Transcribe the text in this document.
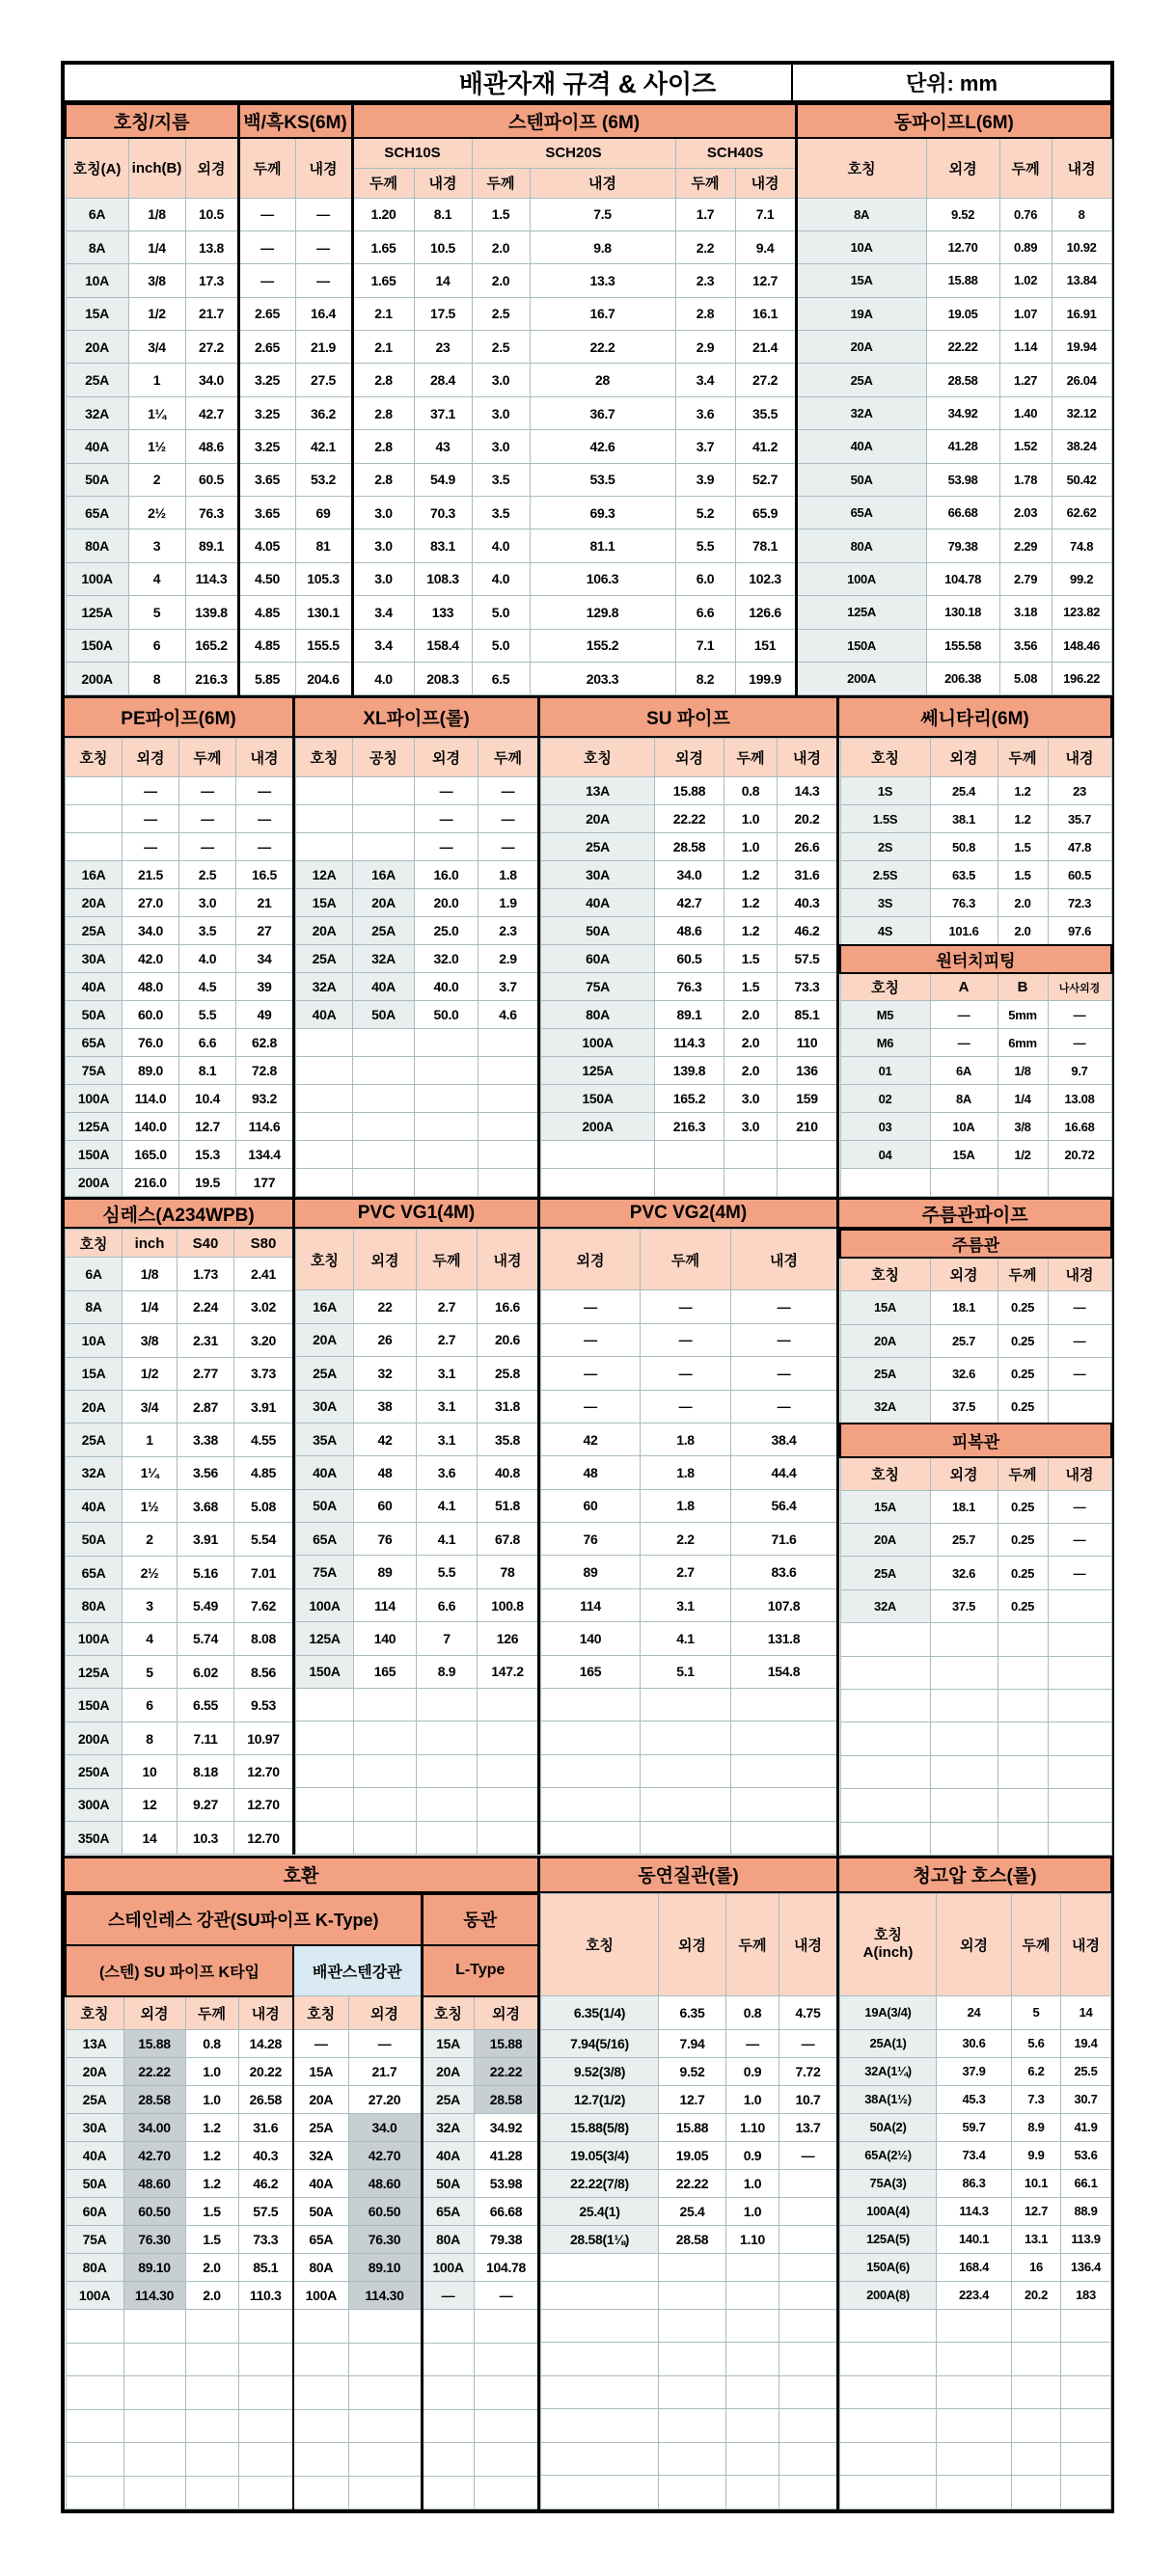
배관자재 규격 & 사이즈	단위: mm
호칭/지름			백/흑KS(6M)		스텐파이프 (6M)						동파이프L(6M)			
호칭(A)	inch(B)	외경	두께	내경	SCH10S		SCH20S		SCH40S		호칭	외경	두께	내경
					두께	내경	두께	내경	두께	내경				
6A	1/8	10.5	—	—	1.20	8.1	1.5	7.5	1.7	7.1	8A	9.52	0.76	8
8A	1/4	13.8	—	—	1.65	10.5	2.0	9.8	2.2	9.4	10A	12.70	0.89	10.92
10A	3/8	17.3	—	—	1.65	14	2.0	13.3	2.3	12.7	15A	15.88	1.02	13.84
15A	1/2	21.7	2.65	16.4	2.1	17.5	2.5	16.7	2.8	16.1	19A	19.05	1.07	16.91
20A	3/4	27.2	2.65	21.9	2.1	23	2.5	22.2	2.9	21.4	20A	22.22	1.14	19.94
25A	1	34.0	3.25	27.5	2.8	28.4	3.0	28	3.4	27.2	25A	28.58	1.27	26.04
32A	1¼	42.7	3.25	36.2	2.8	37.1	3.0	36.7	3.6	35.5	32A	34.92	1.40	32.12
40A	1½	48.6	3.25	42.1	2.8	43	3.0	42.6	3.7	41.2	40A	41.28	1.52	38.24
50A	2	60.5	3.65	53.2	2.8	54.9	3.5	53.5	3.9	52.7	50A	53.98	1.78	50.42
65A	2½	76.3	3.65	69	3.0	70.3	3.5	69.3	5.2	65.9	65A	66.68	2.03	62.62
80A	3	89.1	4.05	81	3.0	83.1	4.0	81.1	5.5	78.1	80A	79.38	2.29	74.8
100A	4	114.3	4.50	105.3	3.0	108.3	4.0	106.3	6.0	102.3	100A	104.78	2.79	99.2
125A	5	139.8	4.85	130.1	3.4	133	5.0	129.8	6.6	126.6	125A	130.18	3.18	123.82
150A	6	165.2	4.85	155.5	3.4	158.4	5.0	155.2	7.1	151	150A	155.58	3.56	148.46
200A	8	216.3	5.85	204.6	4.0	208.3	6.5	203.3	8.2	199.9	200A	206.38	5.08	196.22
PE파이프(6M)	XL파이프(롤)	SU 파이프	쎄니타리(6M)
호칭	외경	두께	내경
	—	—	—
	—	—	—
	—	—	—
16A	21.5	2.5	16.5
20A	27.0	3.0	21
25A	34.0	3.5	27
30A	42.0	4.0	34
40A	48.0	4.5	39
50A	60.0	5.5	49
65A	76.0	6.6	62.8
75A	89.0	8.1	72.8
100A	114.0	10.4	93.2
125A	140.0	12.7	114.6
150A	165.0	15.3	134.4
200A	216.0	19.5	177
호칭	공칭	외경	두께
		—	—
		—	—
		—	—
12A	16A	16.0	1.8
15A	20A	20.0	1.9
20A	25A	25.0	2.3
25A	32A	32.0	2.9
32A	40A	40.0	3.7
40A	50A	50.0	4.6

호칭	외경	두께	내경
13A	15.88	0.8	14.3
20A	22.22	1.0	20.2
25A	28.58	1.0	26.6
30A	34.0	1.2	31.6
40A	42.7	1.2	40.3
50A	48.6	1.2	46.2
60A	60.5	1.5	57.5
75A	76.3	1.5	73.3
80A	89.1	2.0	85.1
100A	114.3	2.0	110
125A	139.8	2.0	136
150A	165.2	3.0	159
200A	216.3	3.0	210

호칭	외경	두께	내경
1S	25.4	1.2	23
1.5S	38.1	1.2	35.7
2S	50.8	1.5	47.8
2.5S	63.5	1.5	60.5
3S	76.3	2.0	72.3
4S	101.6	2.0	97.6
원터치피팅			
호칭	A	B	나사외경
M5	—	5mm	—
M6	—	6mm	—
01	6A	1/8	9.7
02	8A	1/4	13.08
03	10A	3/8	16.68
04	15A	1/2	20.72

심레스(A234WPB)	PVC VG1(4M)	PVC VG2(4M)	주름관파이프
호칭	inch	S40	S80
6A	1/8	1.73	2.41
8A	1/4	2.24	3.02
10A	3/8	2.31	3.20
15A	1/2	2.77	3.73
20A	3/4	2.87	3.91
25A	1	3.38	4.55
32A	1¼	3.56	4.85
40A	1½	3.68	5.08
50A	2	3.91	5.54
65A	2½	5.16	7.01
80A	3	5.49	7.62
100A	4	5.74	8.08
125A	5	6.02	8.56
150A	6	6.55	9.53
200A	8	7.11	10.97
250A	10	8.18	12.70
300A	12	9.27	12.70
350A	14	10.3	12.70
호칭	외경	두께	내경
16A	22	2.7	16.6
20A	26	2.7	20.6
25A	32	3.1	25.8
30A	38	3.1	31.8
35A	42	3.1	35.8
40A	48	3.6	40.8
50A	60	4.1	51.8
65A	76	4.1	67.8
75A	89	5.5	78
100A	114	6.6	100.8
125A	140	7	126
150A	165	8.9	147.2

외경	두께	내경
—	—	—
—	—	—
—	—	—
—	—	—
42	1.8	38.4
48	1.8	44.4
60	1.8	56.4
76	2.2	71.6
89	2.7	83.6
114	3.1	107.8
140	4.1	131.8
165	5.1	154.8

주름관			
호칭	외경	두께	내경
15A	18.1	0.25	—
20A	25.7	0.25	—
25A	32.6	0.25	—
32A	37.5	0.25	
피복관			
호칭	외경	두께	내경
15A	18.1	0.25	—
20A	25.7	0.25	—
25A	32.6	0.25	—
32A	37.5	0.25	

호환	동연질관(롤)	청고압 호스(롤)
스테인레스 강관(SU파이프 K-Type)						동관	
(스텐) SU 파이프 K타입				배관스텐강관		L-Type	
호칭	외경	두께	내경	호칭	외경	호칭	외경
13A	15.88	0.8	14.28	—	—	15A	15.88
20A	22.22	1.0	20.22	15A	21.7	20A	22.22
25A	28.58	1.0	26.58	20A	27.20	25A	28.58
30A	34.00	1.2	31.6	25A	34.0	32A	34.92
40A	42.70	1.2	40.3	32A	42.70	40A	41.28
50A	48.60	1.2	46.2	40A	48.60	50A	53.98
60A	60.50	1.5	57.5	50A	60.50	65A	66.68
75A	76.30	1.5	73.3	65A	76.30	80A	79.38
80A	89.10	2.0	85.1	80A	89.10	100A	104.78
100A	114.30	2.0	110.3	100A	114.30	—	—

호칭	외경	두께	내경
6.35(1/4)	6.35	0.8	4.75
7.94(5/16)	7.94	—	—
9.52(3/8)	9.52	0.9	7.72
12.7(1/2)	12.7	1.0	10.7
15.88(5/8)	15.88	1.10	13.7
19.05(3/4)	19.05	0.9	—
22.22(7/8)	22.22	1.0	
25.4(1)	25.4	1.0	
28.58(1⅛)	28.58	1.10	

호칭
A(inch)	외경	두께	내경
19A(3/4)	24	5	14
25A(1)	30.6	5.6	19.4
32A(1¼)	37.9	6.2	25.5
38A(1½)	45.3	7.3	30.7
50A(2)	59.7	8.9	41.9
65A(2½)	73.4	9.9	53.6
75A(3)	86.3	10.1	66.1
100A(4)	114.3	12.7	88.9
125A(5)	140.1	13.1	113.9
150A(6)	168.4	16	136.4
200A(8)	223.4	20.2	183
